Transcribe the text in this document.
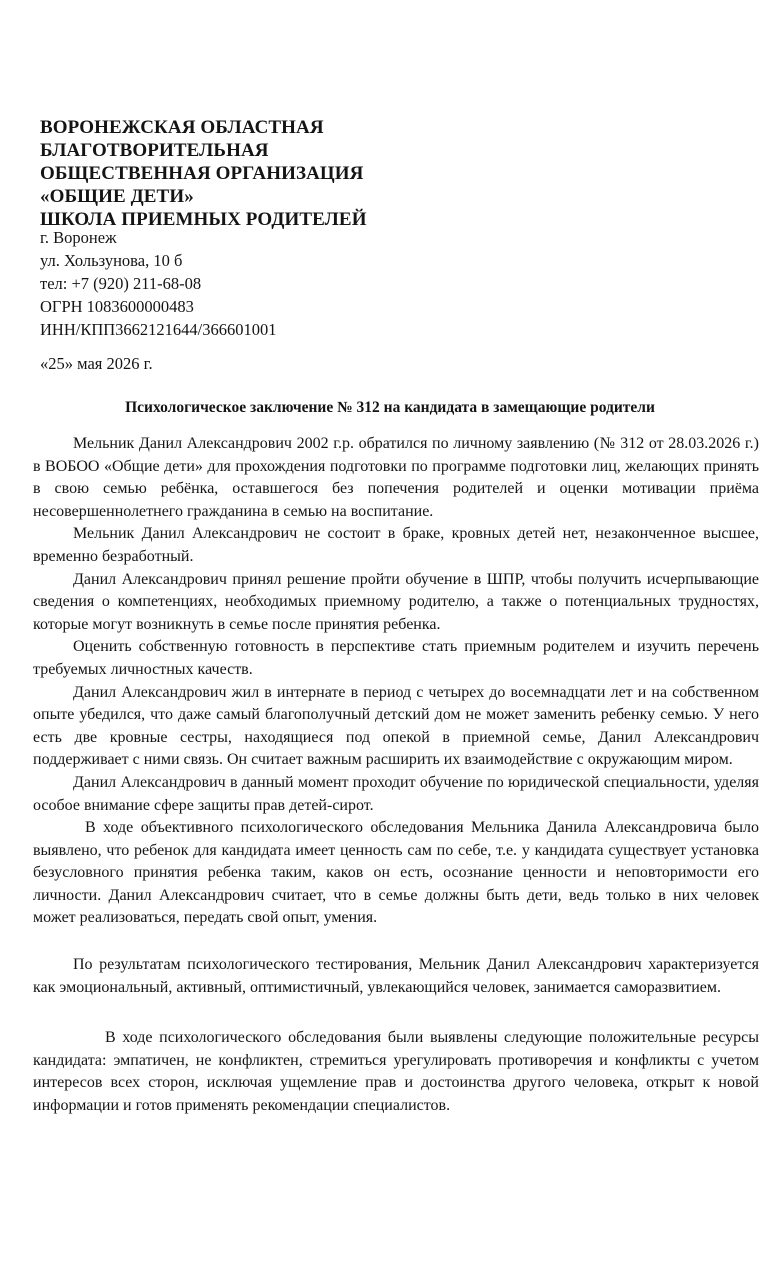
ВОРОНЕЖСКАЯ ОБЛАСТНАЯ
БЛАГОТВОРИТЕЛЬНАЯ
ОБЩЕСТВЕННАЯ ОРГАНИЗАЦИЯ
«ОБЩИЕ ДЕТИ»
ШКОЛА ПРИЕМНЫХ РОДИТЕЛЕЙ
г. Воронеж
ул. Хользунова, 10 б
тел: +7 (920) 211-68-08
ОГРН 1083600000483
ИНН/КПП3662121644/366601001
«25» мая 2026 г.
Психологическое заключение № 312 на кандидата в замещающие родители

Мельник Данил Александрович 2002 г.р. обратился по личному заявлению (№ 312 от 28.03.2026 г.) в ВОБОО «Общие дети» для прохождения подготовки по программе подготовки лиц, желающих принять в свою семью ребёнка, оставшегося без попечения родителей и оценки мотивации приёма несовершеннолетнего гражданина в семью на воспитание.

Мельник Данил Александрович не состоит в браке, кровных детей нет, незаконченное высшее, временно безработный.

Данил Александрович принял решение пройти обучение в ШПР, чтобы получить исчерпывающие сведения о компетенциях, необходимых приемному родителю, а также о потенциальных трудностях, которые могут возникнуть в семье после принятия ребенка.

Оценить собственную готовность в перспективе стать приемным родителем и изучить перечень требуемых личностных качеств.

Данил Александрович жил в интернате в период с четырех до восемнадцати лет и на собственном опыте убедился, что даже самый благополучный детский дом не может заменить ребенку семью. У него есть две кровные сестры, находящиеся под опекой в приемной семье, Данил Александрович поддерживает с ними связь. Он считает важным расширить их взаимодействие с окружающим миром.

Данил Александрович в данный момент проходит обучение по юридической специальности, уделяя особое внимание сфере защиты прав детей-сирот.

В ходе объективного психологического обследования Мельника Данила Александровича было выявлено, что ребенок для кандидата имеет ценность сам по себе, т.е. у кандидата существует установка безусловного принятия ребенка таким, каков он есть, осознание ценности и неповторимости его личности. Данил Александрович считает, что в семье должны быть дети, ведь только в них человек может реализоваться, передать свой опыт, умения.

По результатам психологического тестирования, Мельник Данил Александрович характеризуется как эмоциональный, активный, оптимистичный, увлекающийся человек, занимается саморазвитием.

В ходе психологического обследования были выявлены следующие положительные ресурсы кандидата: эмпатичен, не конфликтен, стремиться урегулировать противоречия и конфликты с учетом интересов всех сторон, исключая ущемление прав и достоинства другого человека, открыт к новой информации и готов применять рекомендации специалистов.
